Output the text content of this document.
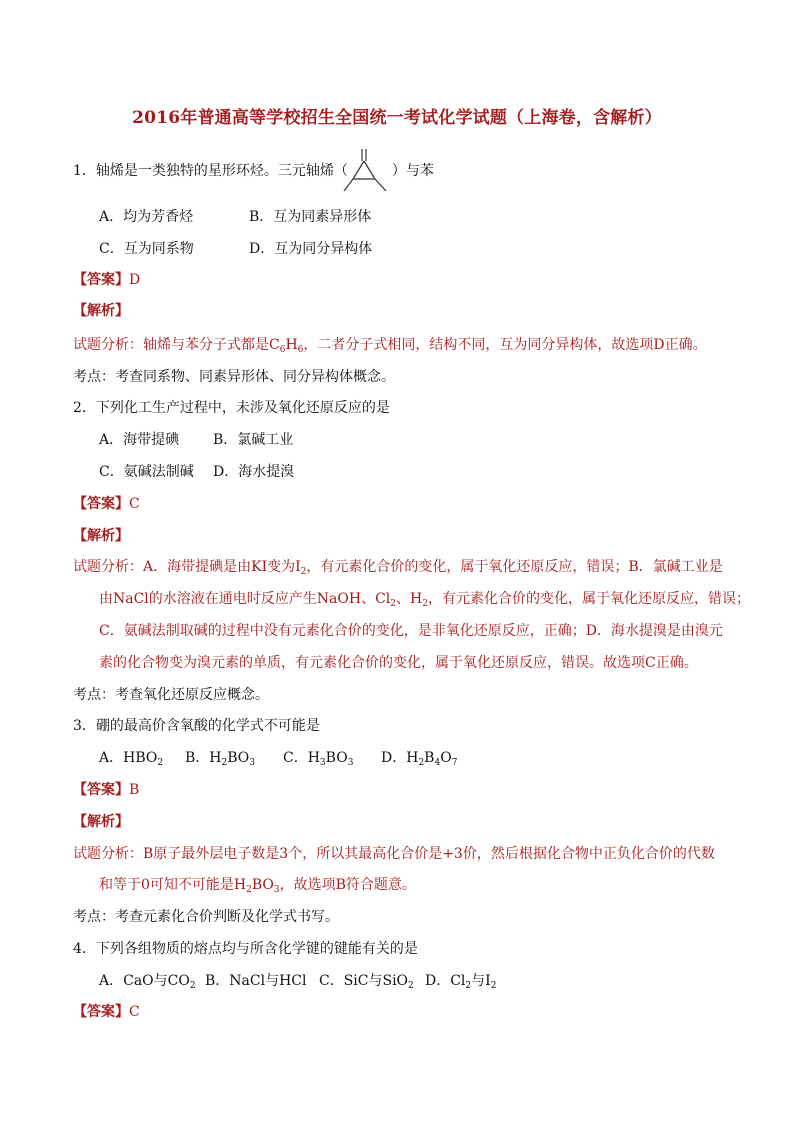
2016年普通高等学校招生全国统一考试化学试题（上海卷，含解析）
1．轴烯是一类独特的星形环烃。三元轴烯（	）与苯
A．均为芳香烃	B．互为同素异形体
C．互为同系物	D．互为同分异构体
【答案】D
【解析】
试题分析：轴烯与苯分子式都是$C_6H_6$，二者分子式相同，结构不同，互为同分异构体，故选项D正确。
考点：考查同系物、同素异形体、同分异构体概念。
2．下列化工生产过程中，未涉及氧化还原反应的是
A．海带提碘 B．氯碱工业
C．氨碱法制碱 D．海水提溴
【答案】C
【解析】
试题分析：A．海带提碘是由KI变为$I_2$，有元素化合价的变化，属于氧化还原反应，错误；B．氯碱工业是
由NaCl的水溶液在通电时反应产生NaOH、$Cl_2$、$H_2$，有元素化合价的变化，属于氧化还原反应，错误；
C．氨碱法制取碱的过程中没有元素化合价的变化，是非氧化还原反应，正确；D．海水提溴是由溴元
素的化合物变为溴元素的单质，有元素化合价的变化，属于氧化还原反应，错误。故选项C正确。
考点：考查氧化还原反应概念。
3．硼的最高价含氧酸的化学式不可能是
A．$HBO_2$ B．$H_2BO_3$ C．$H_3BO_3$ D．$H_2B_4O_7$
【答案】B
【解析】
试题分析：B原子最外层电子数是3个，所以其最高化合价是+3价，然后根据化合物中正负化合价的代数
和等于0可知不可能是$H_2BO_3$，故选项B符合题意。
考点：考查元素化合价判断及化学式书写。
4．下列各组物质的熔点均与所含化学键的键能有关的是
A．CaO与$CO_2$ B．NaCl与HCl C．SiC与SiO$_2$ D．$Cl_2$与$I_2$
【答案】C
